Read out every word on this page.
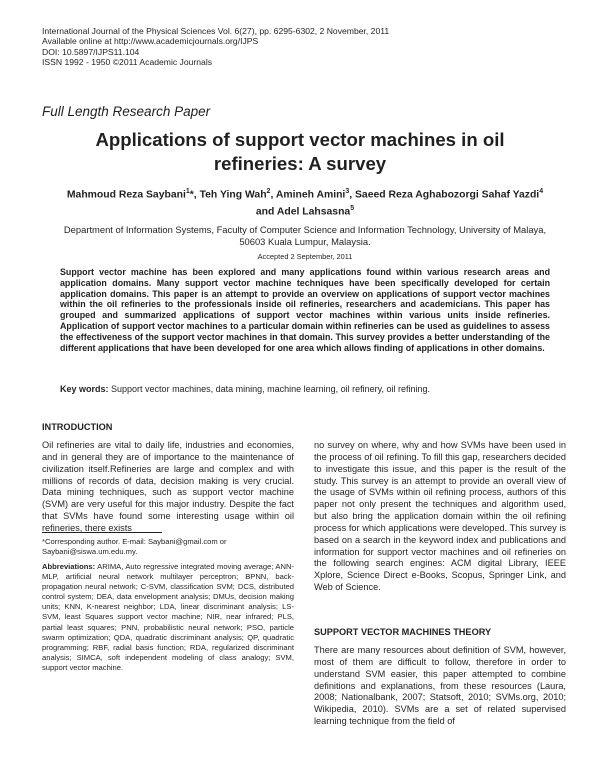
International Journal of the Physical Sciences Vol. 6(27), pp. 6295-6302, 2 November, 2011
Available online at http://www.academicjournals.org/IJPS
DOI: 10.5897/IJPS11.104
ISSN 1992 - 1950 ©2011 Academic Journals
Full Length Research Paper
Applications of support vector machines in oil
refineries: A survey
Mahmoud Reza Saybani$^1$*, Teh Ying Wah$^2$, Amineh Amini$^3$, Saeed Reza Aghabozorgi Sahaf Yazdi$^4$ and Adel Lahsasna$^5$
Department of Information Systems, Faculty of Computer Science and Information Technology, University of Malaya,
50603 Kuala Lumpur, Malaysia.
Accepted 2 September, 2011
Support vector machine has been explored and many applications found within various research areas and application domains. Many support vector machine techniques have been specifically developed for certain application domains. This paper is an attempt to provide an overview on applications of support vector machines within the oil refineries to the professionals inside oil refineries, researchers and academicians. This paper has grouped and summarized applications of support vector machines within various units inside refineries. Application of support vector machines to a particular domain within refineries can be used as guidelines to assess the effectiveness of the support vector machines in that domain. This survey provides a better understanding of the different applications that have been developed for one area which allows finding of applications in other domains.
Key words: Support vector machines, data mining, machine learning, oil refinery, oil refining.
INTRODUCTION
Oil refineries are vital to daily life, industries and economies, and in general they are of importance to the maintenance of civilization itself.Refineries are large and complex and with millions of records of data, decision making is very crucial. Data mining techniques, such as support vector machine (SVM) are very useful for this major industry. Despite the fact that SVMs have found some interesting usage within oil refineries, there exists
*Corresponding author. E-mail: Saybani@gmail.com or
Saybani@siswa.um.edu.my.
Abbreviations: ARIMA, Auto regressive integrated moving average; ANN-MLP, artificial neural network multilayer perceptron; BPNN, back-propagation neural network; C-SVM, classification SVM; DCS, distributed control system; DEA, data envelopment analysis; DMUs, decision making units; KNN, K-nearest neighbor; LDA, linear discriminant analysis; LS-SVM, least Squares support vector machine; NIR, near infrared; PLS, partial least squares; PNN, probabilistic neural network; PSO, particle swarm optimization; QDA, quadratic discriminant analysis; QP, quadratic programming; RBF, radial basis function; RDA, regularized discriminant analysis; SIMCA, soft independent modeling of class analogy; SVM, support vector machine.
no survey on where, why and how SVMs have been used in the process of oil refining. To fill this gap, researchers decided to investigate this issue, and this paper is the result of the study. This survey is an attempt to provide an overall view of the usage of SVMs within oil refining process, authors of this paper not only present the techniques and algorithm used, but also bring the application domain within the oil refining process for which applications were developed. This survey is based on a search in the keyword index and publications and information for support vector machines and oil refineries on the following search engines: ACM digital Library, IEEE Xplore, Science Direct e-Books, Scopus, Springer Link, and Web of Science.
SUPPORT VECTOR MACHINES THEORY
There are many resources about definition of SVM, however, most of them are difficult to follow, therefore in order to understand SVM easier, this paper attempted to combine definitions and explanations, from these resources (Laura, 2008; Nationalbank, 2007; Statsoft, 2010; SVMs.org, 2010; Wikipedia, 2010). SVMs are a set of related supervised learning technique from the field of
